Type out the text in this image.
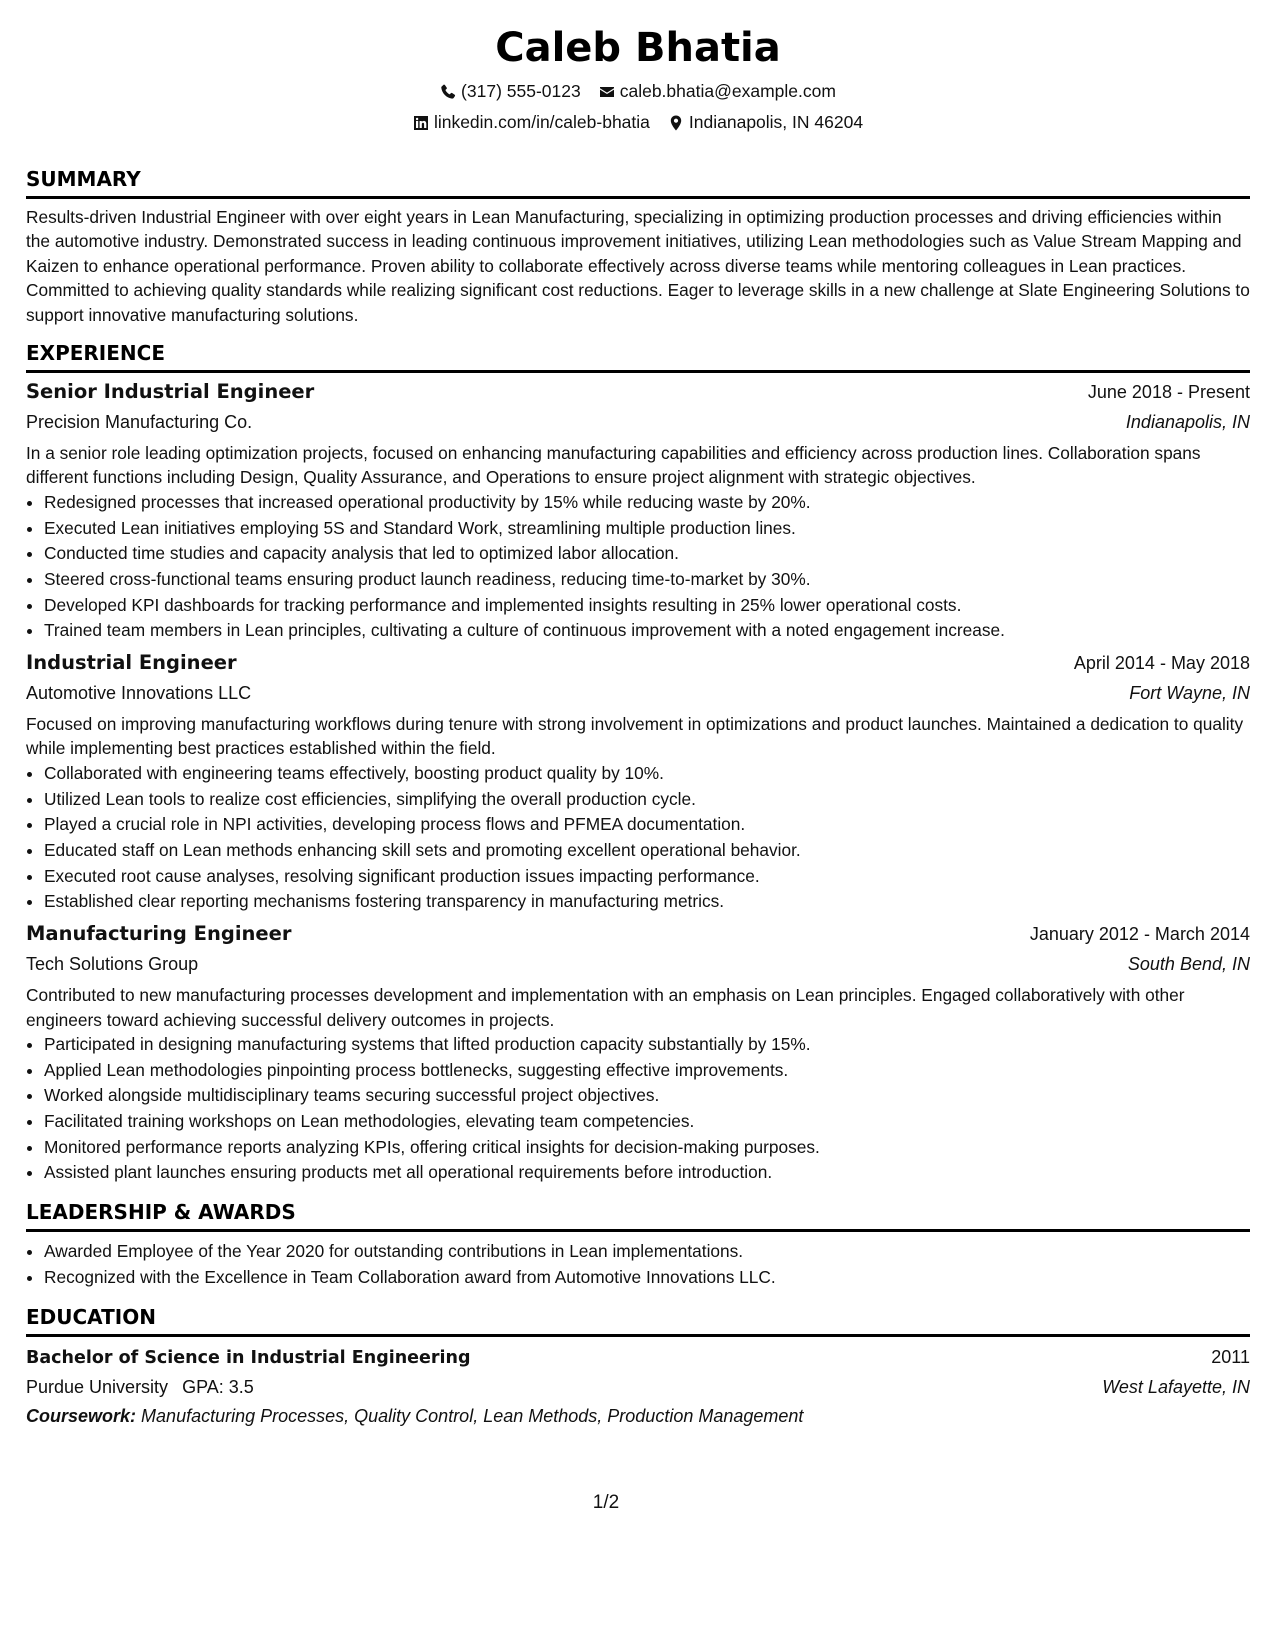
Caleb Bhatia
(317) 555-0123 caleb.bhatia@example.com
linkedin.com/in/caleb-bhatia Indianapolis, IN 46204
SUMMARY

Results-driven Industrial Engineer with over eight years in Lean Manufacturing, specializing in optimizing production processes and driving efficiencies within the automotive industry. Demonstrated success in leading continuous improvement initiatives, utilizing Lean methodologies such as Value Stream Mapping and Kaizen to enhance operational performance. Proven ability to collaborate effectively across diverse teams while mentoring colleagues in Lean practices. Committed to achieving quality standards while realizing significant cost reductions. Eager to leverage skills in a new challenge at Slate Engineering Solutions to support innovative manufacturing solutions.

EXPERIENCE
Senior Industrial Engineer	June 2018 - Present
Precision Manufacturing Co.	Indianapolis, IN

In a senior role leading optimization projects, focused on enhancing manufacturing capabilities and efficiency across production lines. Collaboration spans different functions including Design, Quality Assurance, and Operations to ensure project alignment with strategic objectives.

• Redesigned processes that increased operational productivity by 15% while reducing waste by 20%.
• Executed Lean initiatives employing 5S and Standard Work, streamlining multiple production lines.
• Conducted time studies and capacity analysis that led to optimized labor allocation.
• Steered cross-functional teams ensuring product launch readiness, reducing time-to-market by 30%.
• Developed KPI dashboards for tracking performance and implemented insights resulting in 25% lower operational costs.
• Trained team members in Lean principles, cultivating a culture of continuous improvement with a noted engagement increase.
Industrial Engineer	April 2014 - May 2018
Automotive Innovations LLC	Fort Wayne, IN

Focused on improving manufacturing workflows during tenure with strong involvement in optimizations and product launches. Maintained a dedication to quality while implementing best practices established within the field.

• Collaborated with engineering teams effectively, boosting product quality by 10%.
• Utilized Lean tools to realize cost efficiencies, simplifying the overall production cycle.
• Played a crucial role in NPI activities, developing process flows and PFMEA documentation.
• Educated staff on Lean methods enhancing skill sets and promoting excellent operational behavior.
• Executed root cause analyses, resolving significant production issues impacting performance.
• Established clear reporting mechanisms fostering transparency in manufacturing metrics.
Manufacturing Engineer	January 2012 - March 2014
Tech Solutions Group	South Bend, IN

Contributed to new manufacturing processes development and implementation with an emphasis on Lean principles. Engaged collaboratively with other engineers toward achieving successful delivery outcomes in projects.

• Participated in designing manufacturing systems that lifted production capacity substantially by 15%.
• Applied Lean methodologies pinpointing process bottlenecks, suggesting effective improvements.
• Worked alongside multidisciplinary teams securing successful project objectives.
• Facilitated training workshops on Lean methodologies, elevating team competencies.
• Monitored performance reports analyzing KPIs, offering critical insights for decision-making purposes.
• Assisted plant launches ensuring products met all operational requirements before introduction.
LEADERSHIP & AWARDS
• Awarded Employee of the Year 2020 for outstanding contributions in Lean implementations.
• Recognized with the Excellence in Team Collaboration award from Automotive Innovations LLC.
EDUCATION
Bachelor of Science in Industrial Engineering	2011
Purdue University GPA: 3.5	West Lafayette, IN
Coursework: Manufacturing Processes, Quality Control, Lean Methods, Production Management
1/2
